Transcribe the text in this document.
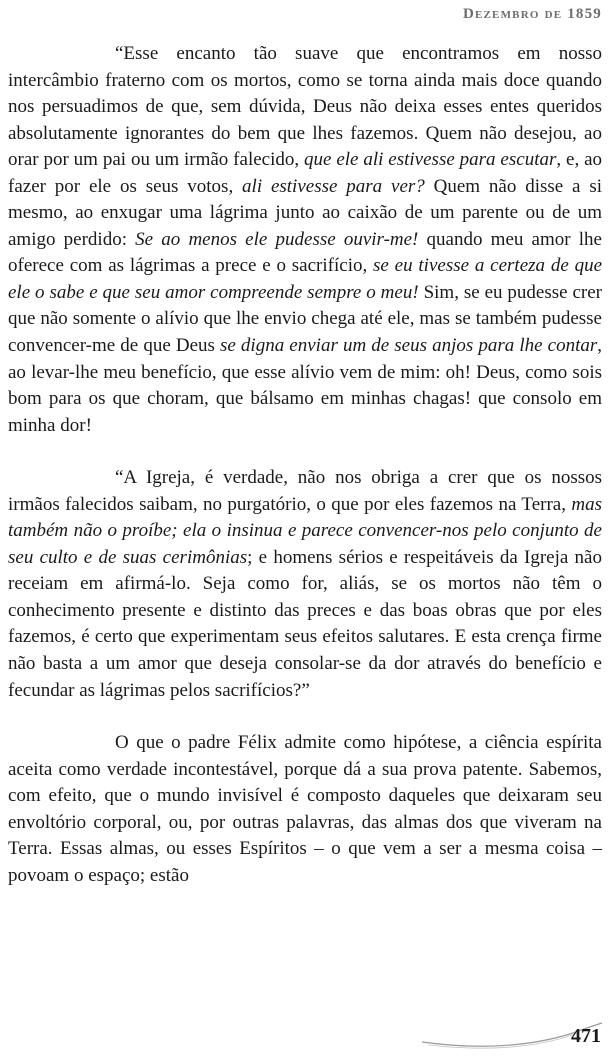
Dezembro de 1859

“Esse encanto tão suave que encontramos em nosso intercâmbio fraterno com os mortos, como se torna ainda mais doce quando nos persuadimos de que, sem dúvida, Deus não deixa esses entes queridos absolutamente ignorantes do bem que lhes fazemos. Quem não desejou, ao orar por um pai ou um irmão falecido, que ele ali estivesse para escutar, e, ao fazer por ele os seus votos, ali estivesse para ver? Quem não disse a si mesmo, ao enxugar uma lágrima junto ao caixão de um parente ou de um amigo perdido: Se ao menos ele pudesse ouvir-me! quando meu amor lhe oferece com as lágrimas a prece e o sacrifício, se eu tivesse a certeza de que ele o sabe e que seu amor compreende sempre o meu! Sim, se eu pudesse crer que não somente o alívio que lhe envio chega até ele, mas se também pudesse convencer-me de que Deus se digna enviar um de seus anjos para lhe contar, ao levar-lhe meu benefício, que esse alívio vem de mim: oh! Deus, como sois bom para os que choram, que bálsamo em minhas chagas! que consolo em minha dor!

“A Igreja, é verdade, não nos obriga a crer que os nossos irmãos falecidos saibam, no purgatório, o que por eles fazemos na Terra, mas também não o proíbe; ela o insinua e parece convencer-nos pelo conjunto de seu culto e de suas cerimônias; e homens sérios e respeitáveis da Igreja não receiam em afirmá-lo. Seja como for, aliás, se os mortos não têm o conhecimento presente e distinto das preces e das boas obras que por eles fazemos, é certo que experimentam seus efeitos salutares. E esta crença firme não basta a um amor que deseja consolar-se da dor através do benefício e fecundar as lágrimas pelos sacrifícios?”

O que o padre Félix admite como hipótese, a ciência espírita aceita como verdade incontestável, porque dá a sua prova patente. Sabemos, com efeito, que o mundo invisível é composto daqueles que deixaram seu envoltório corporal, ou, por outras palavras, das almas dos que viveram na Terra. Essas almas, ou esses Espíritos – o que vem a ser a mesma coisa – povoam o espaço; estão

471
